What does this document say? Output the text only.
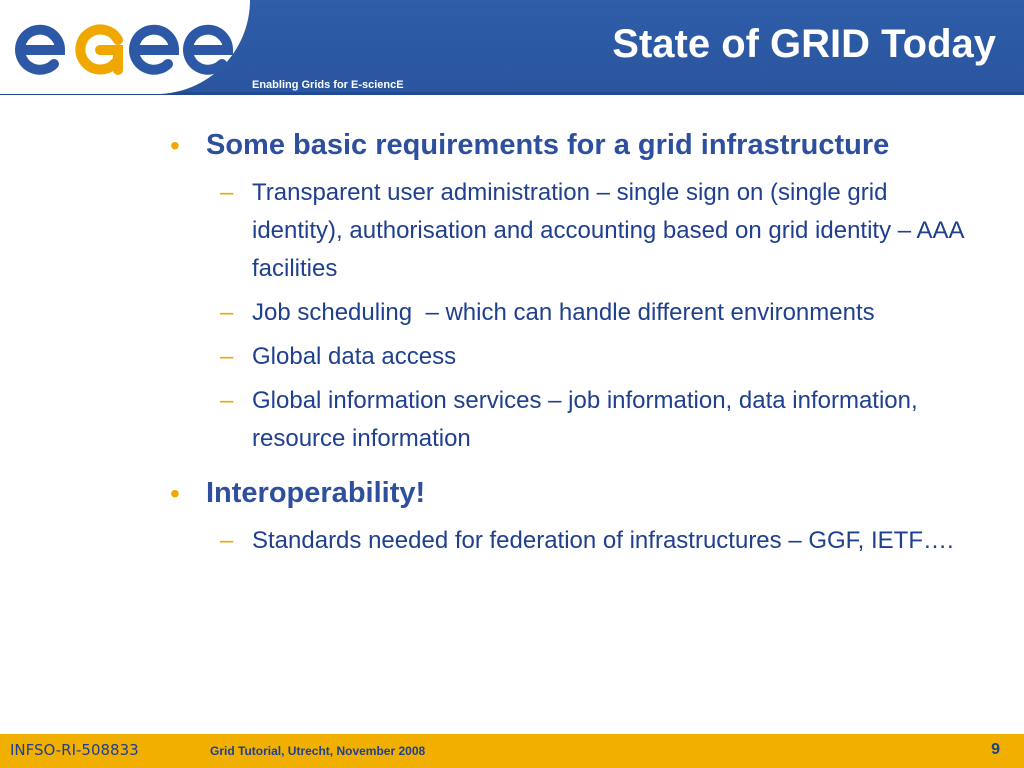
Enabling Grids for E-sciencE
State of GRID Today
• Some basic requirements for a grid infrastructure
– Transparent user administration – single sign on (single grid identity), authorisation and accounting based on grid identity – AAA facilities
– Job scheduling  – which can handle different environments
– Global data access
– Global information services – job information, data information, resource information
• Interoperability!
– Standards needed for federation of infrastructures – GGF, IETF….
INFSO-RI-508833	Grid Tutorial, Utrecht, November 2008	9
